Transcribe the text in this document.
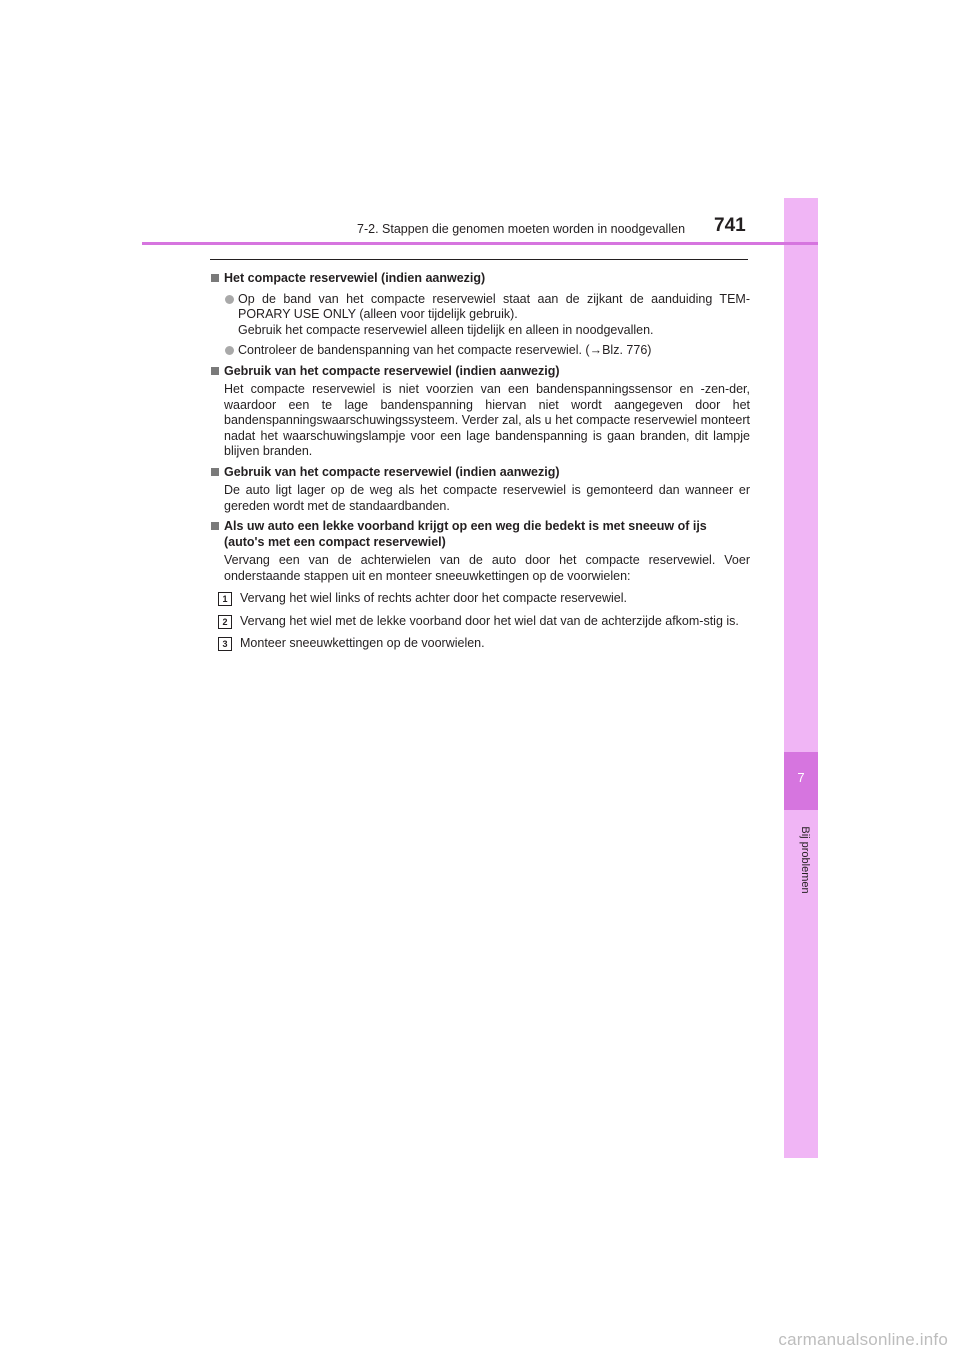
7
Bij problemen
7-2. Stappen die genomen moeten worden in noodgevallen 741
Het compacte reservewiel (indien aanwezig)
Op de band van het compacte reservewiel staat aan de zijkant de aanduiding TEM-
PORARY USE ONLY (alleen voor tijdelijk gebruik).
Gebruik het compacte reservewiel alleen tijdelijk en alleen in noodgevallen.
Controleer de bandenspanning van het compacte reservewiel. (→Blz. 776)
Gebruik van het compacte reservewiel (indien aanwezig)
Het compacte reservewiel is niet voorzien van een bandenspanningssensor en -zen-der, waardoor een te lage bandenspanning hiervan niet wordt aangegeven door het bandenspanningswaarschuwingssysteem. Verder zal, als u het compacte reservewiel monteert nadat het waarschuwingslampje voor een lage bandenspanning is gaan branden, dit lampje blijven branden.
Gebruik van het compacte reservewiel (indien aanwezig)
De auto ligt lager op de weg als het compacte reservewiel is gemonteerd dan wanneer er gereden wordt met de standaardbanden.
Als uw auto een lekke voorband krijgt op een weg die bedekt is met sneeuw of ijs
(auto's met een compact reservewiel)
Vervang een van de achterwielen van de auto door het compacte reservewiel. Voer onderstaande stappen uit en monteer sneeuwkettingen op de voorwielen:
1	Vervang het wiel links of rechts achter door het compacte reservewiel.
2	Vervang het wiel met de lekke voorband door het wiel dat van de achterzijde afkom-stig is.
3	Monteer sneeuwkettingen op de voorwielen.
carmanualsonline.info
